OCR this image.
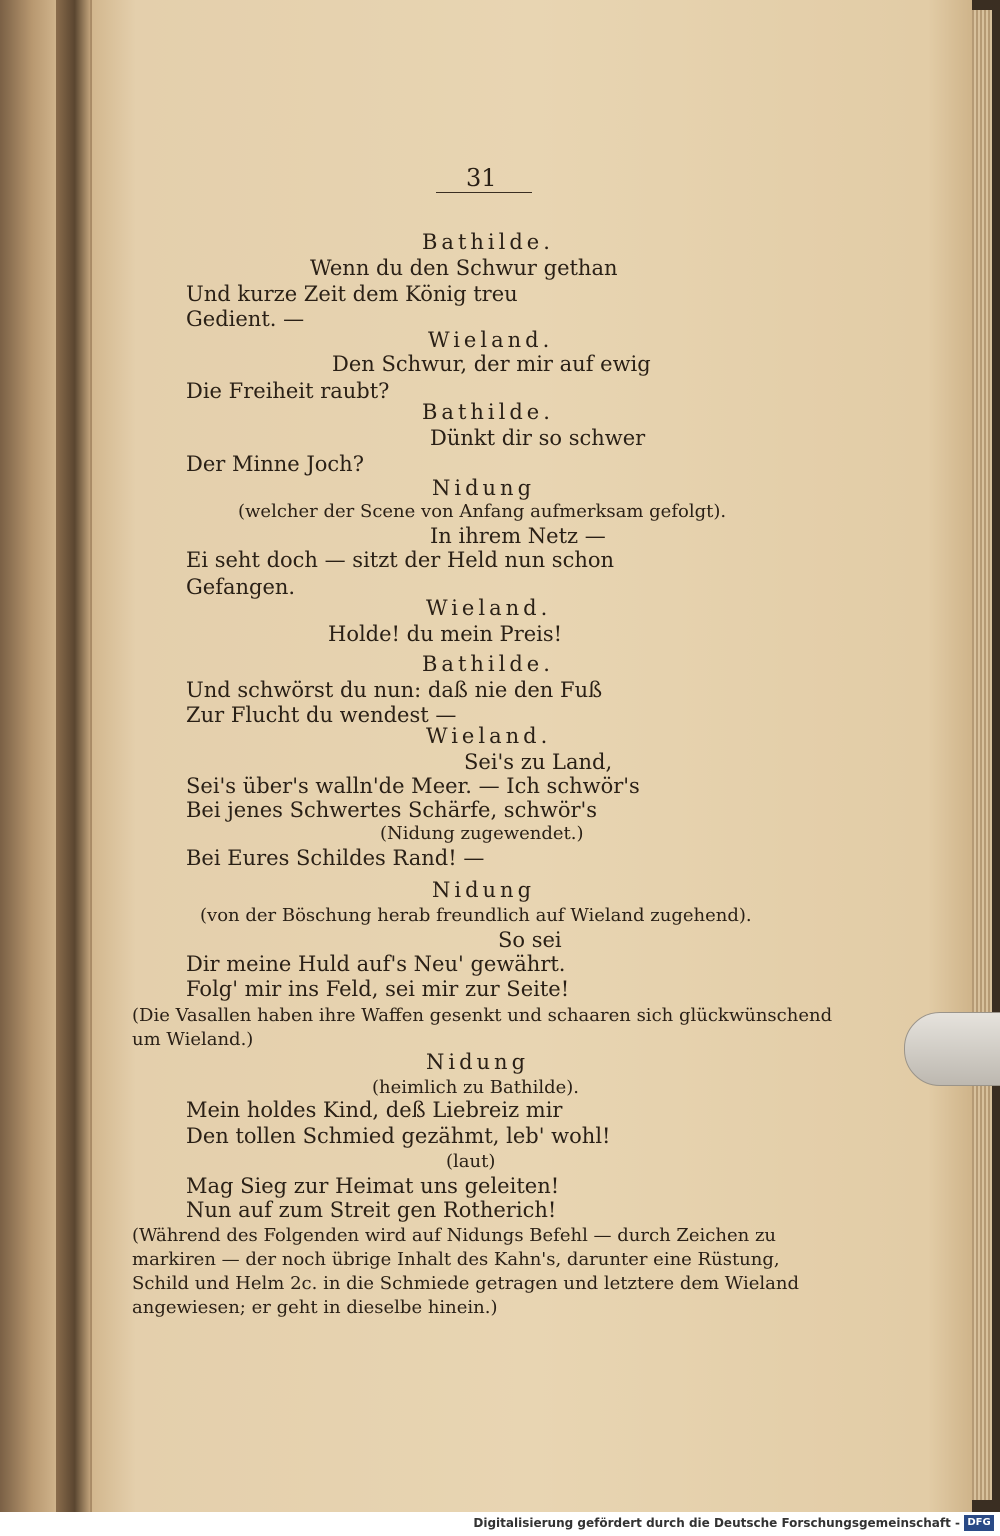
31
Bathilde.
Wenn du den Schwur gethan
Und kurze Zeit dem König treu
Gedient. —
Wieland.
Den Schwur, der mir auf ewig
Die Freiheit raubt?
Bathilde.
Dünkt dir so schwer
Der Minne Joch?
Nidung
(welcher der Scene von Anfang aufmerksam gefolgt).
In ihrem Netz —
Ei seht doch — sitzt der Held nun schon
Gefangen.
Wieland.
Holde! du mein Preis!
Bathilde.
Und schwörst du nun: daß nie den Fuß
Zur Flucht du wendest —
Wieland.
Sei's zu Land,
Sei's über's walln'de Meer. — Ich schwör's
Bei jenes Schwertes Schärfe, schwör's
(Nidung zugewendet.)
Bei Eures Schildes Rand! —
Nidung
(von der Böschung herab freundlich auf Wieland zugehend).
So sei
Dir meine Huld auf's Neu' gewährt.
Folg' mir ins Feld, sei mir zur Seite!
(Die Vasallen haben ihre Waffen gesenkt und schaaren sich glückwünschend
um Wieland.)
Nidung
(heimlich zu Bathilde).
Mein holdes Kind, deß Liebreiz mir
Den tollen Schmied gezähmt, leb' wohl!
(laut)
Mag Sieg zur Heimat uns geleiten!
Nun auf zum Streit gen Rotherich!
(Während des Folgenden wird auf Nidungs Befehl — durch Zeichen zu
markiren — der noch übrige Inhalt des Kahn's, darunter eine Rüstung,
Schild und Helm 2c. in die Schmiede getragen und letztere dem Wieland
angewiesen; er geht in dieselbe hinein.)
Digitalisierung gefördert durch die Deutsche Forschungsgemeinschaft - DFG
